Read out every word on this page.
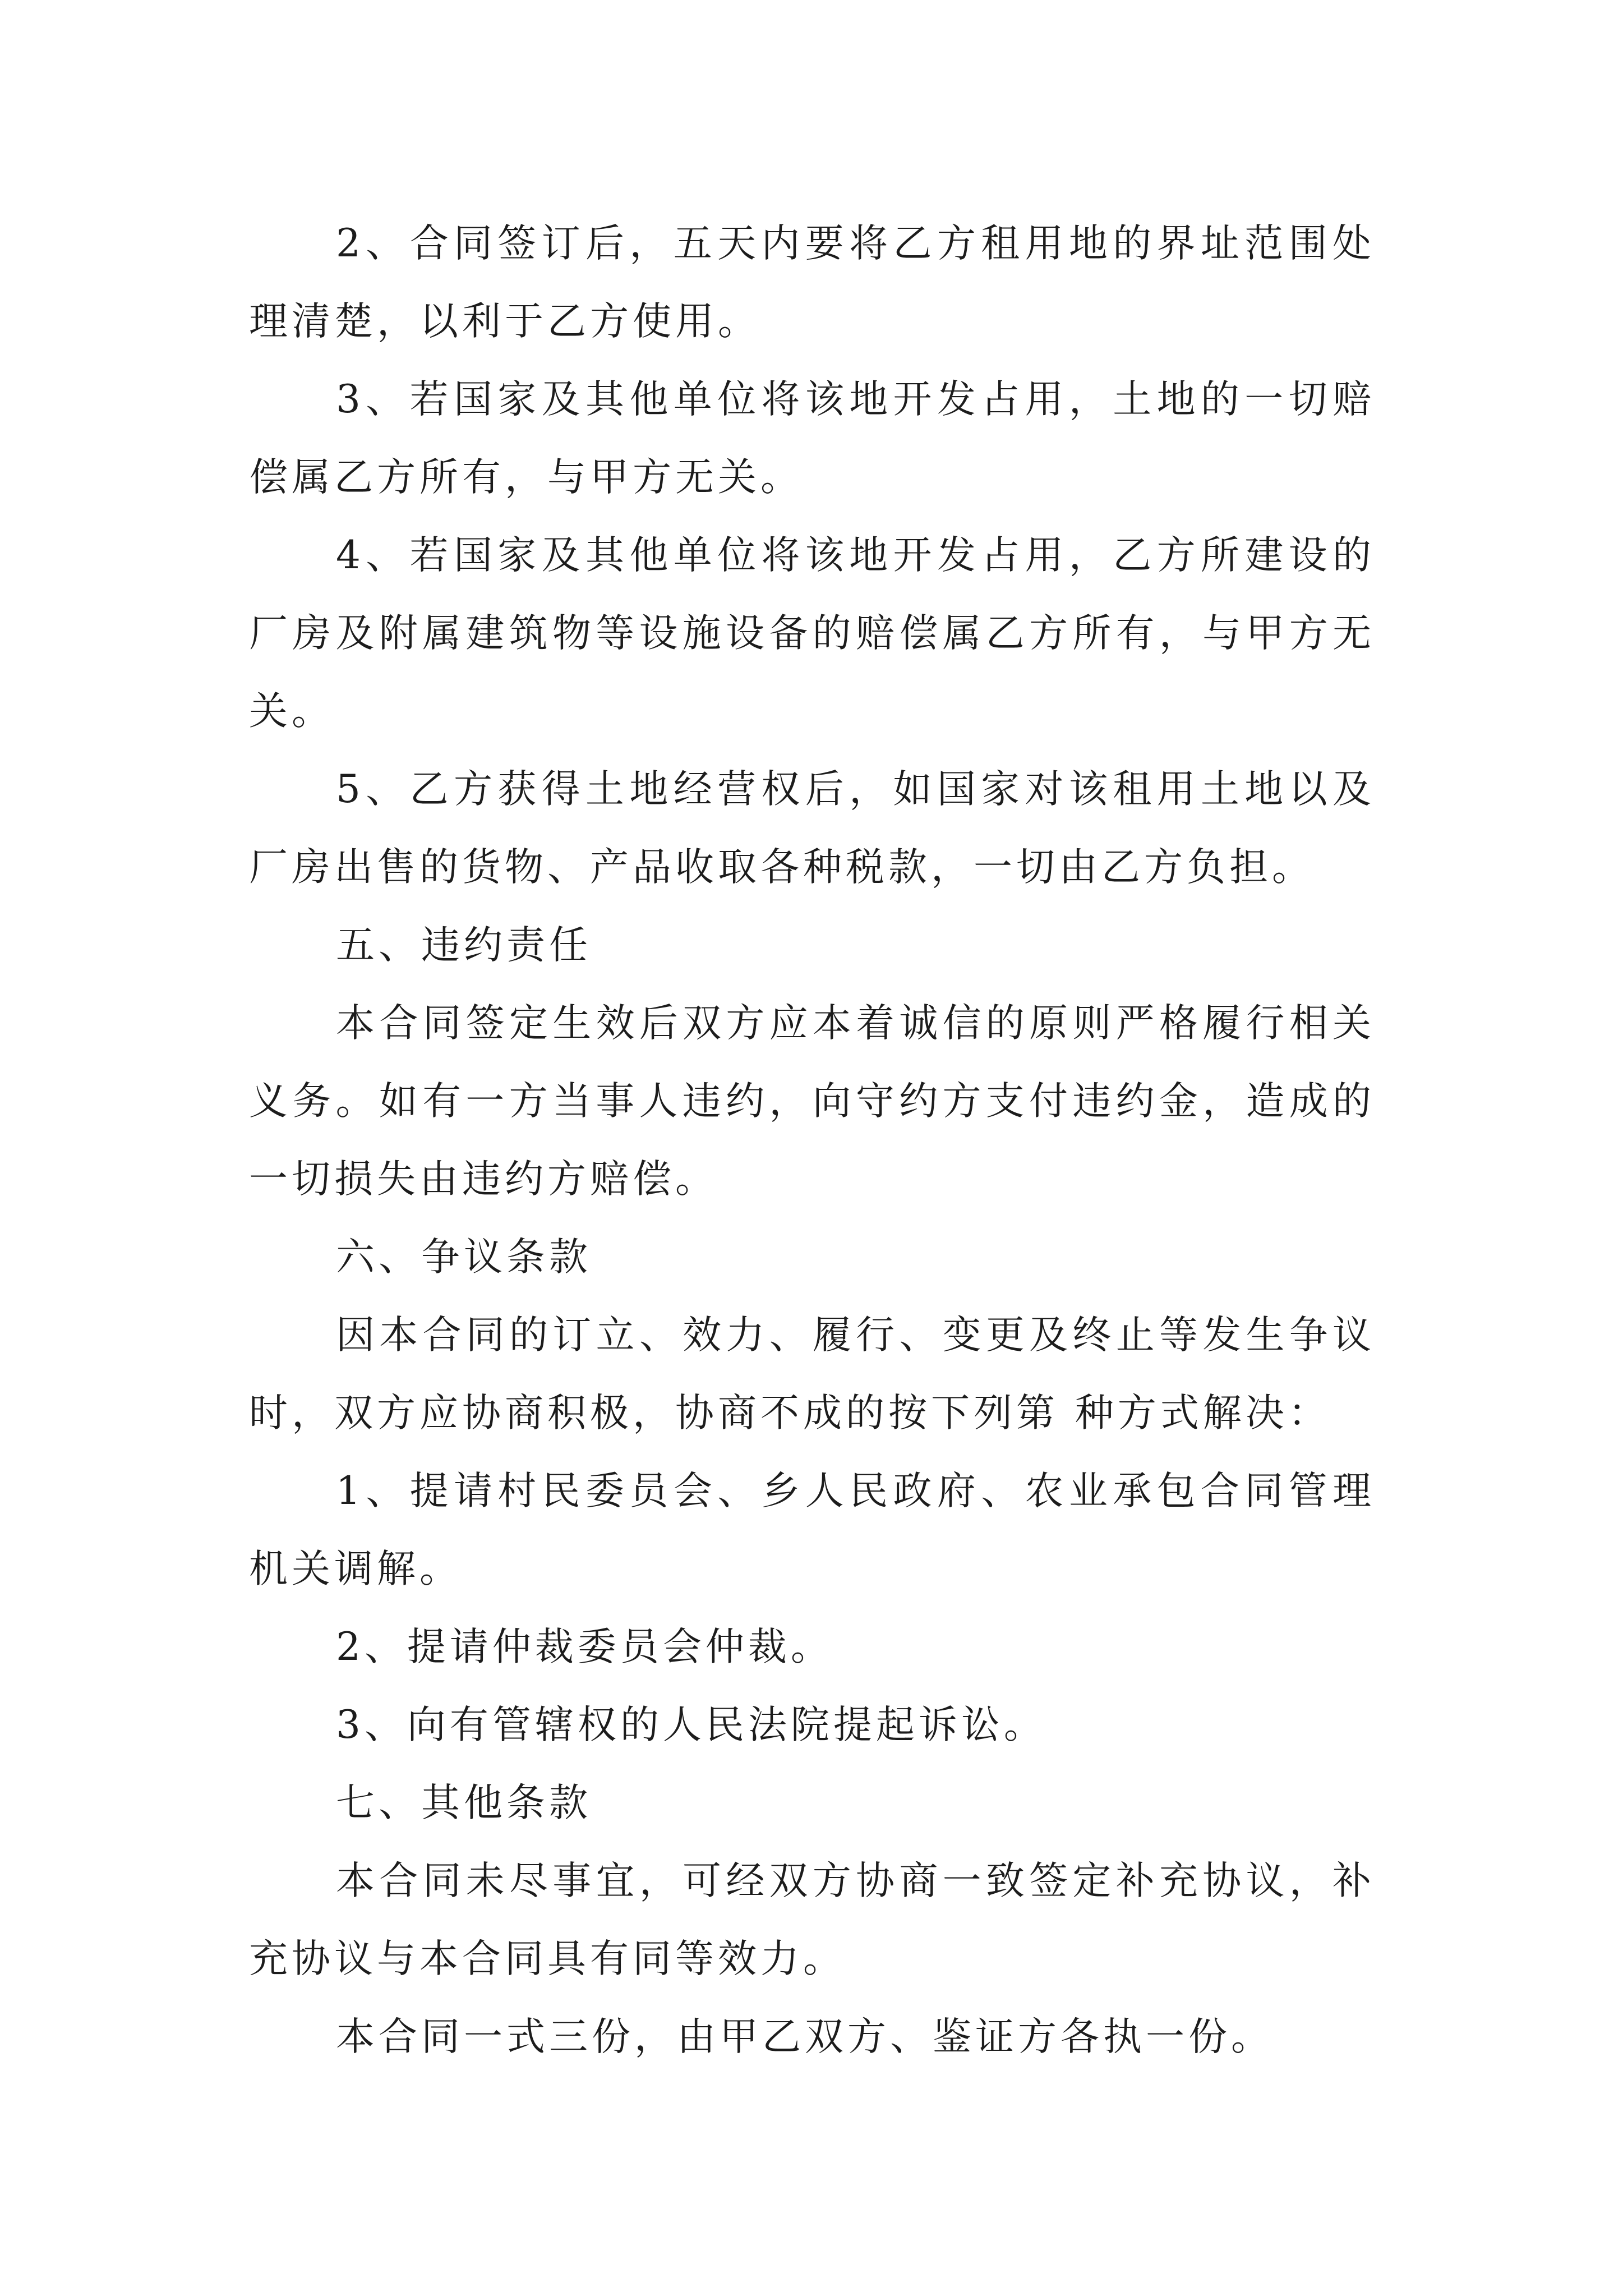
2、合同签订后，五天内要将乙方租用地的界址范围处理清楚，以利于乙方使用。

3、若国家及其他单位将该地开发占用，土地的一切赔偿属乙方所有，与甲方无关。

4、若国家及其他单位将该地开发占用，乙方所建设的厂房及附属建筑物等设施设备的赔偿属乙方所有，与甲方无关。

5、乙方获得土地经营权后，如国家对该租用土地以及厂房出售的货物、产品收取各种税款，一切由乙方负担。

五、违约责任

本合同签定生效后双方应本着诚信的原则严格履行相关义务。如有一方当事人违约，向守约方支付违约金，造成的一切损失由违约方赔偿。

六、争议条款

因本合同的订立、效力、履行、变更及终止等发生争议时，双方应协商积极，协商不成的按下列第 种方式解决：

1、提请村民委员会、乡人民政府、农业承包合同管理机关调解。

2、提请仲裁委员会仲裁。

3、向有管辖权的人民法院提起诉讼。

七、其他条款

本合同未尽事宜，可经双方协商一致签定补充协议，补充协议与本合同具有同等效力。

本合同一式三份，由甲乙双方、鉴证方各执一份。
